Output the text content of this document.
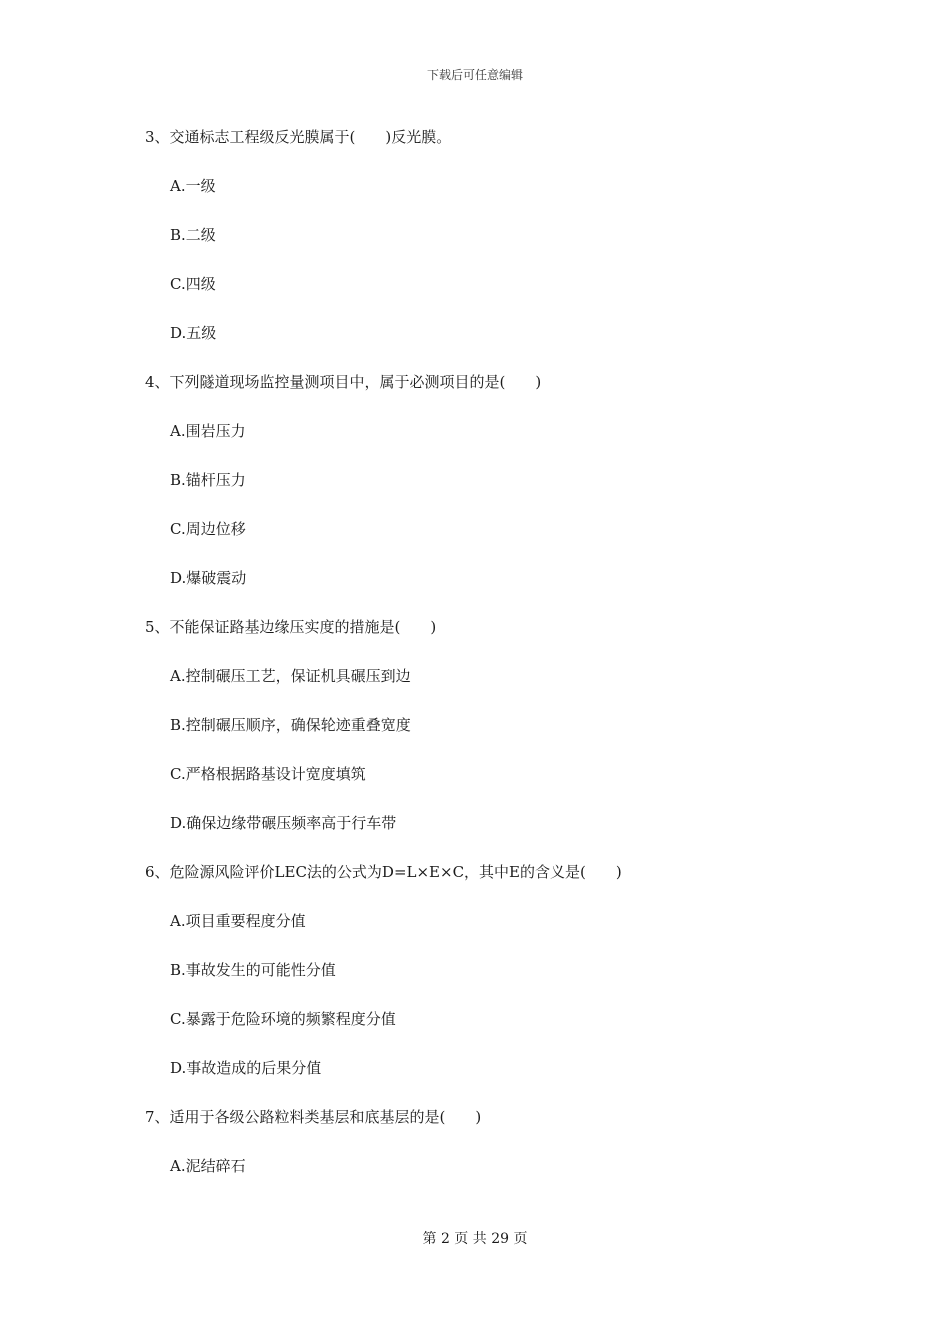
下载后可任意编辑
3、交通标志工程级反光膜属于(　　)反光膜。
A.一级
B.二级
C.四级
D.五级
4、下列隧道现场监控量测项目中，属于必测项目的是(　　)
A.围岩压力
B.锚杆压力
C.周边位移
D.爆破震动
5、不能保证路基边缘压实度的措施是(　　)
A.控制碾压工艺，保证机具碾压到边
B.控制碾压顺序，确保轮迹重叠宽度
C.严格根据路基设计宽度填筑
D.确保边缘带碾压频率高于行车带
6、危险源风险评价LEC法的公式为D=L×E×C，其中E的含义是(　　)
A.项目重要程度分值
B.事故发生的可能性分值
C.暴露于危险环境的频繁程度分值
D.事故造成的后果分值
7、适用于各级公路粒料类基层和底基层的是(　　)
A.泥结碎石
第 2 页 共 29 页
